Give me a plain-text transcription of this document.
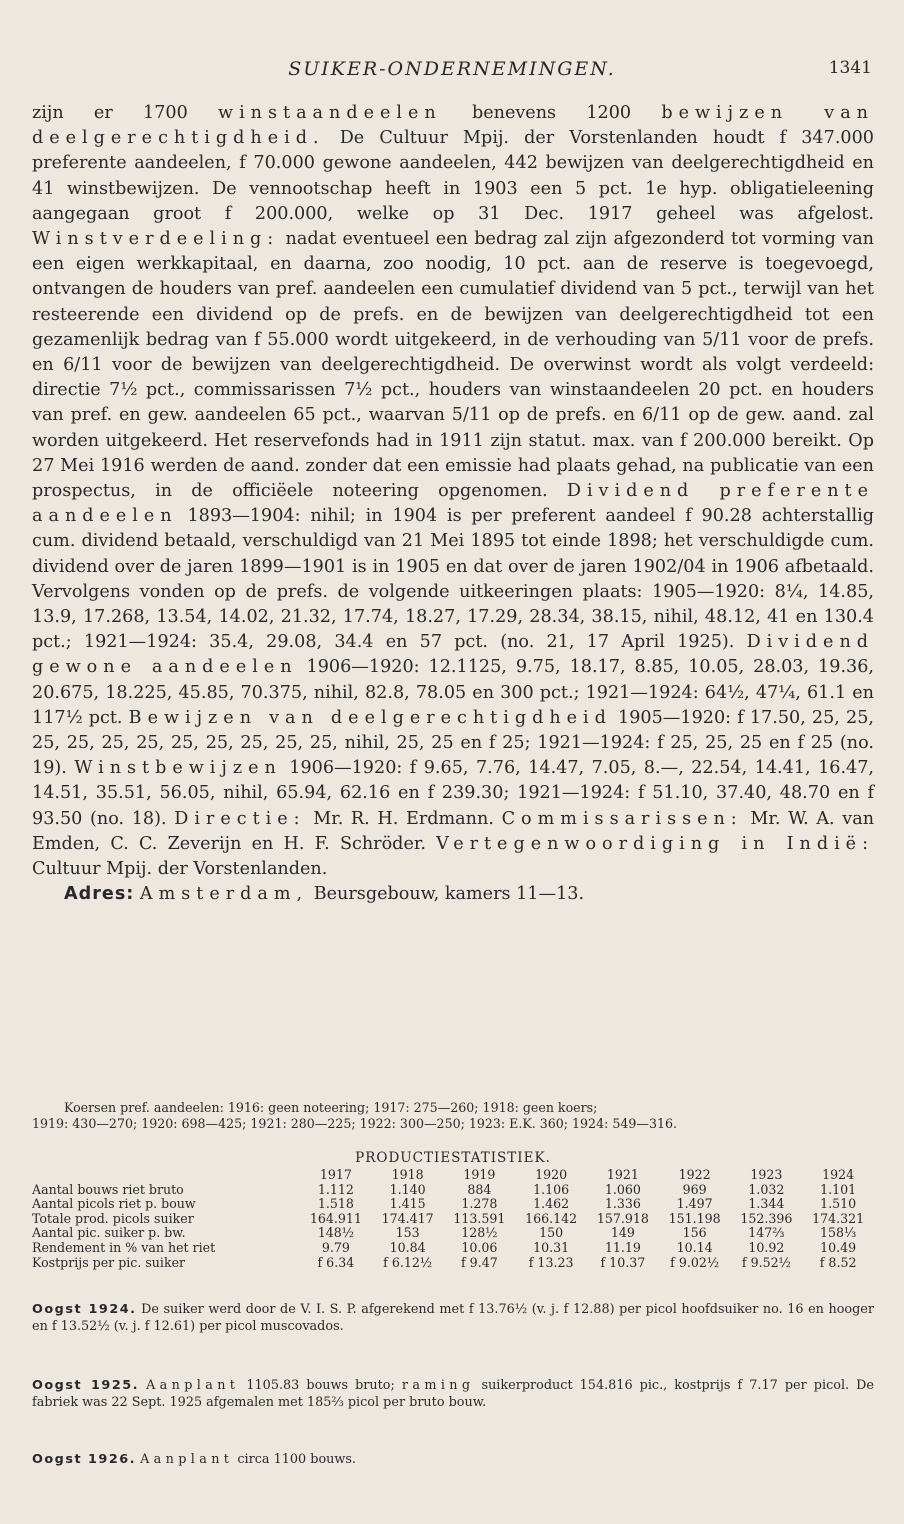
SUIKER-ONDERNEMINGEN.	1341

zijn er 1700 winstaandeelen benevens 1200 bewijzen van deelgerechtigdheid. De Cultuur Mpij. der Vorstenlanden houdt f 347.000 preferente aandeelen, f 70.000 gewone aandeelen, 442 bewijzen van deelgerechtigdheid en 41 winstbewijzen. De vennootschap heeft in 1903 een 5 pct. 1e hyp. obligatieleening aangegaan groot f 200.000, welke op 31 Dec. 1917 geheel was afgelost. Winstverdeeling: nadat eventueel een bedrag zal zijn afgezonderd tot vorming van een eigen werkkapitaal, en daarna, zoo noodig, 10 pct. aan de reserve is toegevoegd, ontvangen de houders van pref. aandeelen een cumulatief dividend van 5 pct., terwijl van het resteerende een dividend op de prefs. en de bewijzen van deelgerechtigdheid tot een gezamenlijk bedrag van f 55.000 wordt uitgekeerd, in de verhouding van 5/11 voor de prefs. en 6/11 voor de bewijzen van deelgerechtigdheid. De overwinst wordt als volgt verdeeld: directie 7½ pct., commissarissen 7½ pct., houders van winstaandeelen 20 pct. en houders van pref. en gew. aandeelen 65 pct., waarvan 5/11 op de prefs. en 6/11 op de gew. aand. zal worden uitgekeerd. Het reservefonds had in 1911 zijn statut. max. van f 200.000 bereikt. Op 27 Mei 1916 werden de aand. zonder dat een emissie had plaats gehad, na publicatie van een prospectus, in de officiëele noteering opgenomen. Dividend preferente aandeelen 1893—1904: nihil; in 1904 is per preferent aandeel f 90.28 achterstallig cum. dividend betaald, verschuldigd van 21 Mei 1895 tot einde 1898; het verschuldigde cum. dividend over de jaren 1899—1901 is in 1905 en dat over de jaren 1902/04 in 1906 afbetaald. Vervolgens vonden op de prefs. de volgende uitkeeringen plaats: 1905—1920: 8¼, 14.85, 13.9, 17.268, 13.54, 14.02, 21.32, 17.74, 18.27, 17.29, 28.34, 38.15, nihil, 48.12, 41 en 130.4 pct.; 1921—1924: 35.4, 29.08, 34.4 en 57 pct. (no. 21, 17 April 1925). Dividend gewone aandeelen 1906—1920: 12.1125, 9.75, 18.17, 8.85, 10.05, 28.03, 19.36, 20.675, 18.225, 45.85, 70.375, nihil, 82.8, 78.05 en 300 pct.; 1921—1924: 64½, 47¼, 61.1 en 117½ pct. Bewijzen van deelgerechtigdheid 1905—1920: f 17.50, 25, 25, 25, 25, 25, 25, 25, 25, 25, 25, 25, nihil, 25, 25 en f 25; 1921—1924: f 25, 25, 25 en f 25 (no. 19). Winstbewijzen 1906—1920: f 9.65, 7.76, 14.47, 7.05, 8.—, 22.54, 14.41, 16.47, 14.51, 35.51, 56.05, nihil, 65.94, 62.16 en f 239.30; 1921—1924: f 51.10, 37.40, 48.70 en f 93.50 (no. 18). Directie: Mr. R. H. Erdmann. Commissarissen: Mr. W. A. van Emden, C. C. Zeverijn en H. F. Schröder. Vertegenwoordiging in Indië: Cultuur Mpij. der Vorstenlanden.

Adres: Amsterdam, Beursgebouw, kamers 11—13.

Koersen pref. aandeelen: 1916: geen noteering; 1917: 275—260; 1918: geen koers;
1919: 430—270; 1920: 698—425; 1921: 280—225; 1922: 300—250; 1923: E.K. 360; 1924: 549—316.
PRODUCTIESTATISTIEK.
	1917	1918	1919	1920	1921	1922	1923	1924
Aantal bouws riet bruto	1.112	1.140	884	1.106	1.060	969	1.032	1.101
Aantal picols riet p. bouw	1.518	1.415	1.278	1.462	1.336	1.497	1.344	1.510
Totale prod. picols suiker	164.911	174.417	113.591	166.142	157.918	151.198	152.396	174.321
Aantal pic. suiker p. bw.	148½	153	128½	150	149	156	147⅔	158⅓
Rendement in % van het riet	9.79	10.84	10.06	10.31	11.19	10.14	10.92	10.49
Kostprijs per pic. suiker	f 6.34	f 6.12½	f 9.47	f 13.23	f 10.37	f 9.02½	f 9.52½	f 8.52
Oogst 1924. De suiker werd door de V. I. S. P. afgerekend met f 13.76½ (v. j. f 12.88) per picol hoofdsuiker no. 16 en hooger en f 13.52½ (v. j. f 12.61) per picol muscovados.
Oogst 1925. Aanplant 1105.83 bouws bruto; raming suikerproduct 154.816 pic., kostprijs f 7.17 per picol. De fabriek was 22 Sept. 1925 afgemalen met 185⅔ picol per bruto bouw.
Oogst 1926. Aanplant circa 1100 bouws.
